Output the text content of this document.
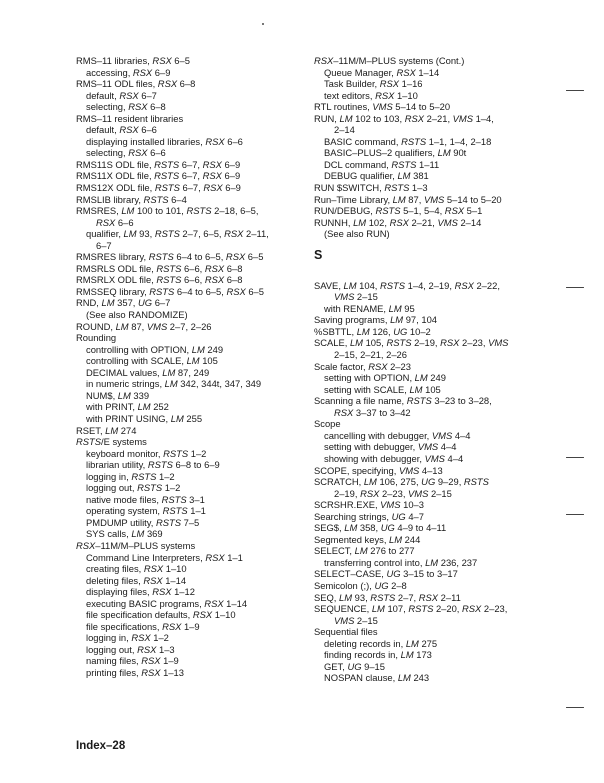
RMS–11 libraries, RSX 6–5
accessing, RSX 6–9
RMS–11 ODL files, RSX 6–8
default, RSX 6–7
selecting, RSX 6–8
RMS–11 resident libraries
default, RSX 6–6
displaying installed libraries, RSX 6–6
selecting, RSX 6–6
RMS11S ODL file, RSTS 6–7, RSX 6–9
RMS11X ODL file, RSTS 6–7, RSX 6–9
RMS12X ODL file, RSTS 6–7, RSX 6–9
RMSLIB library, RSTS 6–4
RMSRES, LM 100 to 101, RSTS 2–18, 6–5,
RSX 6–6
qualifier, LM 93, RSTS 2–7, 6–5, RSX 2–11,
6–7
RMSRES library, RSTS 6–4 to 6–5, RSX 6–5
RMSRLS ODL file, RSTS 6–6, RSX 6–8
RMSRLX ODL file, RSTS 6–6, RSX 6–8
RMSSEQ library, RSTS 6–4 to 6–5, RSX 6–5
RND, LM 357, UG 6–7
(See also RANDOMIZE)
ROUND, LM 87, VMS 2–7, 2–26
Rounding
controlling with OPTION, LM 249
controlling with SCALE, LM 105
DECIMAL values, LM 87, 249
in numeric strings, LM 342, 344t, 347, 349
NUM$, LM 339
with PRINT, LM 252
with PRINT USING, LM 255
RSET, LM 274
RSTS/E systems
keyboard monitor, RSTS 1–2
librarian utility, RSTS 6–8 to 6–9
logging in, RSTS 1–2
logging out, RSTS 1–2
native mode files, RSTS 3–1
operating system, RSTS 1–1
PMDUMP utility, RSTS 7–5
SYS calls, LM 369
RSX–11M/M–PLUS systems
Command Line Interpreters, RSX 1–1
creating files, RSX 1–10
deleting files, RSX 1–14
displaying files, RSX 1–12
executing BASIC programs, RSX 1–14
file specification defaults, RSX 1–10
file specifications, RSX 1–9
logging in, RSX 1–2
logging out, RSX 1–3
naming files, RSX 1–9
printing files, RSX 1–13
RSX–11M/M–PLUS systems (Cont.)
Queue Manager, RSX 1–14
Task Builder, RSX 1–16
text editors, RSX 1–10
RTL routines, VMS 5–14 to 5–20
RUN, LM 102 to 103, RSX 2–21, VMS 1–4,
2–14
BASIC command, RSTS 1–1, 1–4, 2–18
BASIC–PLUS–2 qualifiers, LM 90t
DCL command, RSTS 1–11
DEBUG qualifier, LM 381
RUN $SWITCH, RSTS 1–3
Run–Time Library, LM 87, VMS 5–14 to 5–20
RUN/DEBUG, RSTS 5–1, 5–4, RSX 5–1
RUNNH, LM 102, RSX 2–21, VMS 2–14
(See also RUN)
S
SAVE, LM 104, RSTS 1–4, 2–19, RSX 2–22,
VMS 2–15
with RENAME, LM 95
Saving programs, LM 97, 104
%SBTTL, LM 126, UG 10–2
SCALE, LM 105, RSTS 2–19, RSX 2–23, VMS
2–15, 2–21, 2–26
Scale factor, RSX 2–23
setting with OPTION, LM 249
setting with SCALE, LM 105
Scanning a file name, RSTS 3–23 to 3–28,
RSX 3–37 to 3–42
Scope
cancelling with debugger, VMS 4–4
setting with debugger, VMS 4–4
showing with debugger, VMS 4–4
SCOPE, specifying, VMS 4–13
SCRATCH, LM 106, 275, UG 9–29, RSTS
2–19, RSX 2–23, VMS 2–15
SCRSHR.EXE, VMS 10–3
Searching strings, UG 4–7
SEG$, LM 358, UG 4–9 to 4–11
Segmented keys, LM 244
SELECT, LM 276 to 277
transferring control into, LM 236, 237
SELECT–CASE, UG 3–15 to 3–17
Semicolon (;), UG 2–8
SEQ, LM 93, RSTS 2–7, RSX 2–11
SEQUENCE, LM 107, RSTS 2–20, RSX 2–23,
VMS 2–15
Sequential files
deleting records in, LM 275
finding records in, LM 173
GET, UG 9–15
NOSPAN clause, LM 243
Index–28
